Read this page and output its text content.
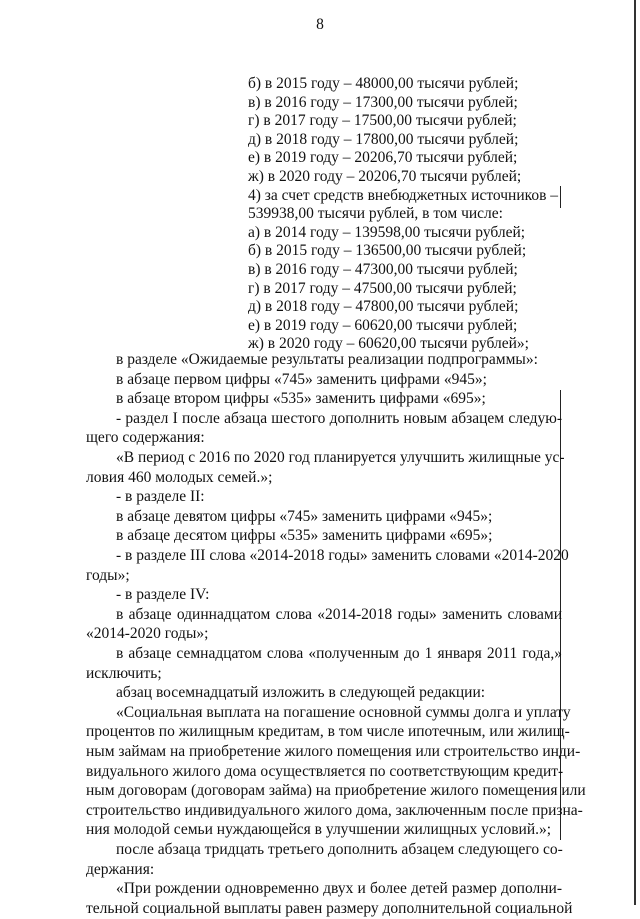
8
б) в 2015 году – 48000,00 тысячи рублей;
в) в 2016 году – 17300,00 тысячи рублей;
г) в 2017 году – 17500,00 тысячи рублей;
д) в 2018 году – 17800,00 тысячи рублей;
е) в 2019 году – 20206,70 тысячи рублей;
ж) в 2020 году – 20206,70 тысячи рублей;
4) за счет средств внебюджетных источников –
539938,00 тысячи рублей, в том числе:
а) в 2014 году – 139598,00 тысячи рублей;
б) в 2015 году – 136500,00 тысячи рублей;
в) в 2016 году – 47300,00 тысячи рублей;
г) в 2017 году – 47500,00 тысячи рублей;
д) в 2018 году – 47800,00 тысячи рублей;
е) в 2019 году – 60620,00 тысячи рублей;
ж) в 2020 году – 60620,00 тысячи рублей»;
в разделе «Ожидаемые результаты реализации подпрограммы»:
в абзаце первом цифры «745» заменить цифрами «945»;
в абзаце втором цифры «535» заменить цифрами «695»;
- раздел I после абзаца шестого дополнить новым абзацем следую-
щего содержания:
«В период с 2016 по 2020 год планируется улучшить жилищные ус-
ловия 460 молодых семей.»;
- в разделе II:
в абзаце девятом цифры «745» заменить цифрами «945»;
в абзаце десятом цифры «535» заменить цифрами «695»;
- в разделе III слова «2014-2018 годы» заменить словами «2014-2020
годы»;
- в разделе IV:
в абзаце одиннадцатом слова «2014-2018 годы» заменить словами
«2014-2020 годы»;
в абзаце семнадцатом слова «полученным до 1 января 2011 года,»
исключить;
абзац восемнадцатый изложить в следующей редакции:
«Социальная выплата на погашение основной суммы долга и уплату
процентов по жилищным кредитам, в том числе ипотечным, или жилищ-
ным займам на приобретение жилого помещения или строительство инди-
видуального жилого дома осуществляется по соответствующим кредит-
ным договорам (договорам займа) на приобретение жилого помещения или
строительство индивидуального жилого дома, заключенным после призна-
ния молодой семьи нуждающейся в улучшении жилищных условий.»;
после абзаца тридцать третьего дополнить абзацем следующего со-
держания:
«При рождении одновременно двух и более детей размер дополни-
тельной социальной выплаты равен размеру дополнительной социальной
